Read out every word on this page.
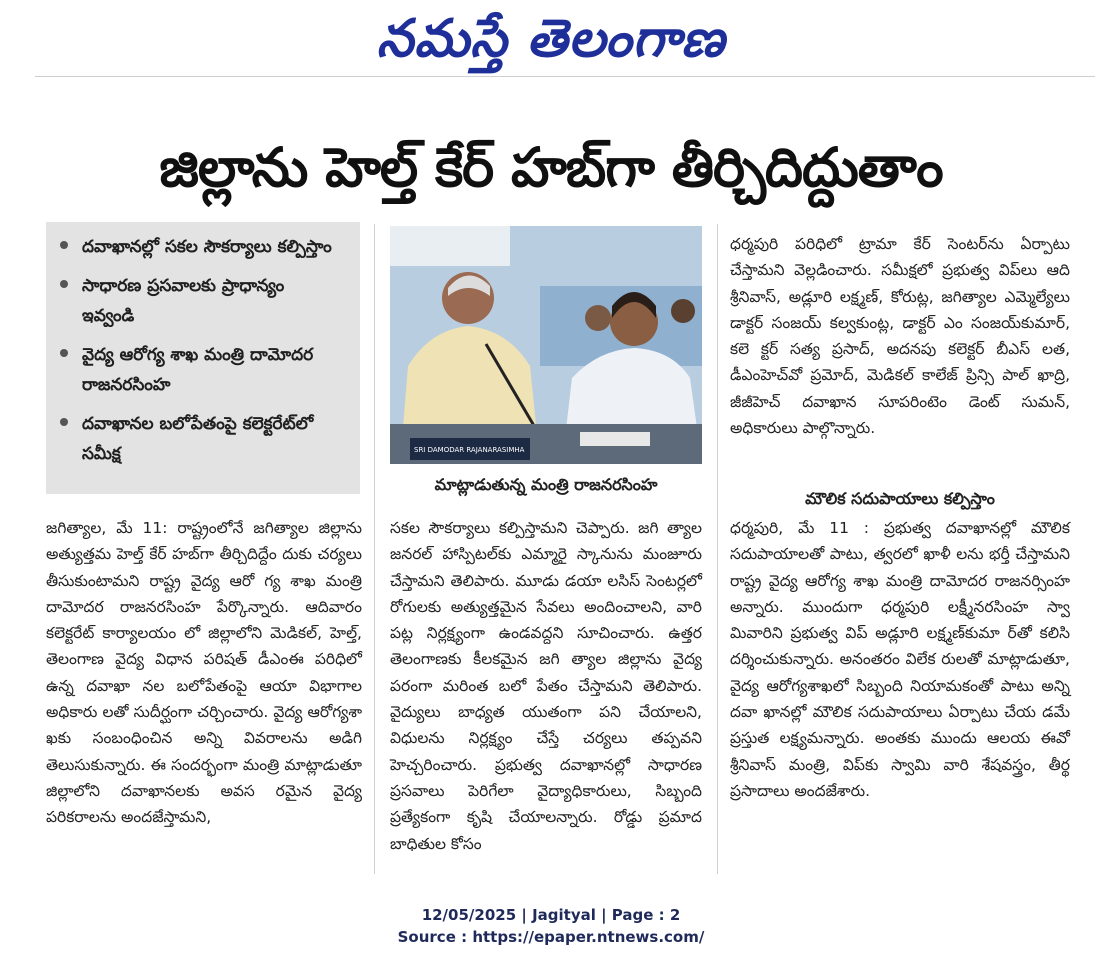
నమస్తే తెలంగాణ
జిల్లాను హెల్త్ కేర్ హబ్‌గా తీర్చిదిద్దుతాం
దవాఖానల్లో సకల సౌకర్యాలు కల్పిస్తాం
సాధారణ ప్రసవాలకు ప్రాధాన్యం ఇవ్వండి
వైద్య ఆరోగ్య శాఖ మంత్రి దామోదర రాజనరసింహ
దవాఖానల బలోపేతంపై కలెక్టరేట్‌లో సమీక్ష	SRI DAMODAR RAJANARASIMHA
మాట్లాడుతున్న మంత్రి రాజనరసింహ
జగిత్యాల, మే 11: రాష్ట్రంలోనే జగిత్యాల జిల్లాను అత్యుత్తమ హెల్త్ కేర్ హబ్‌గా తీర్చిదిద్దేం దుకు చర్యలు తీసుకుంటామని రాష్ట్ర వైద్య ఆరో గ్య శాఖ మంత్రి దామోదర రాజనరసింహ పేర్కొన్నారు. ఆదివారం కలెక్టరేట్ కార్యాలయం లో జిల్లాలోని మెడికల్, హెల్త్, తెలంగాణ వైద్య విధాన పరిషత్ డీఎంఈ పరిధిలో ఉన్న దవాఖా నల బలోపేతంపై ఆయా విభాగాల అధికారు లతో సుదీర్ఘంగా చర్చించారు. వైద్య ఆరోగ్యశా ఖకు సంబంధించిన అన్ని వివరాలను అడిగి తెలుసుకున్నారు. ఈ సందర్భంగా మంత్రి మాట్లాడుతూ జిల్లాలోని దవాఖానలకు అవస రమైన వైద్య పరికరాలను అందజేస్తామని,
సకల సౌకర్యాలు కల్పిస్తామని చెప్పారు. జగి త్యాల జనరల్ హాస్పిటల్‌కు ఎమ్మారై స్కానును మంజూరు చేస్తామని తెలిపారు. మూడు డయా లసిస్ సెంటర్లలో రోగులకు అత్యుత్తమైన సేవలు అందించాలని, వారి పట్ల నిర్లక్ష్యంగా ఉండవద్దని సూచించారు. ఉత్తర తెలంగాణకు కీలకమైన జగి త్యాల జిల్లాను వైద్య పరంగా మరింత బలో పేతం చేస్తామని తెలిపారు. వైద్యులు బాధ్యత యుతంగా పని చేయాలని, విధులను నిర్లక్ష్యం చేస్తే చర్యలు తప్పవని హెచ్చరించారు. ప్రభుత్వ దవాఖానల్లో సాధారణ ప్రసవాలు పెరిగేలా వైద్యాధికారులు, సిబ్బంది ప్రత్యేకంగా కృషి చేయాలన్నారు. రోడ్డు ప్రమాద బాధితుల కోసం
ధర్మపురి పరిధిలో ట్రామా కేర్ సెంటర్‌ను ఏర్పాటు చేస్తామని వెల్లడించారు. సమీక్షలో ప్రభుత్వ విప్‌లు ఆది శ్రీనివాస్, అడ్లూరి లక్ష్మణ్, కోరుట్ల, జగిత్యాల ఎమ్మెల్యేలు డాక్టర్ సంజయ్ కల్వకుంట్ల, డాక్టర్ ఎం సంజయ్‌కుమార్, కలె క్టర్ సత్య ప్రసాద్, అదనపు కలెక్టర్ బీఎస్ లత, డీఎంహెచ్‌వో ప్రమోద్, మెడికల్ కాలేజ్ ప్రిన్సి పాల్ ఖాద్రి, జీజీహెచ్ దవాఖాన సూపరింటెం డెంట్ సుమన్, అధికారులు పాల్గొన్నారు.
మౌలిక సదుపాయాలు కల్పిస్తాం
ధర్మపురి, మే 11 : ప్రభుత్వ దవాఖానల్లో మౌలిక సదుపాయాలతో పాటు, త్వరలో ఖాళీ లను భర్తీ చేస్తామని రాష్ట్ర వైద్య ఆరోగ్య శాఖ మంత్రి దామోదర రాజనర్సింహ అన్నారు. ముందుగా ధర్మపురి లక్ష్మీనరసింహ స్వా మివారిని ప్రభుత్వ విప్ అడ్లూరి లక్ష్మణ్‌కుమా ర్‌తో కలిసి దర్శించుకున్నారు. అనంతరం విలేక రులతో మాట్లాడుతూ, వైద్య ఆరోగ్యశాఖలో సిబ్బంది నియామకంతో పాటు అన్ని దవా ఖానల్లో మౌలిక సదుపాయాలు ఏర్పాటు చేయ డమే ప్రస్తుత లక్ష్యమన్నారు. అంతకు ముందు ఆలయ ఈవో శ్రీనివాస్ మంత్రి, విప్‌కు స్వామి వారి శేషవస్త్రం, తీర్థ ప్రసాదాలు అందజేశారు.
12/05/2025 | Jagityal | Page : 2
Source : https://epaper.ntnews.com/
